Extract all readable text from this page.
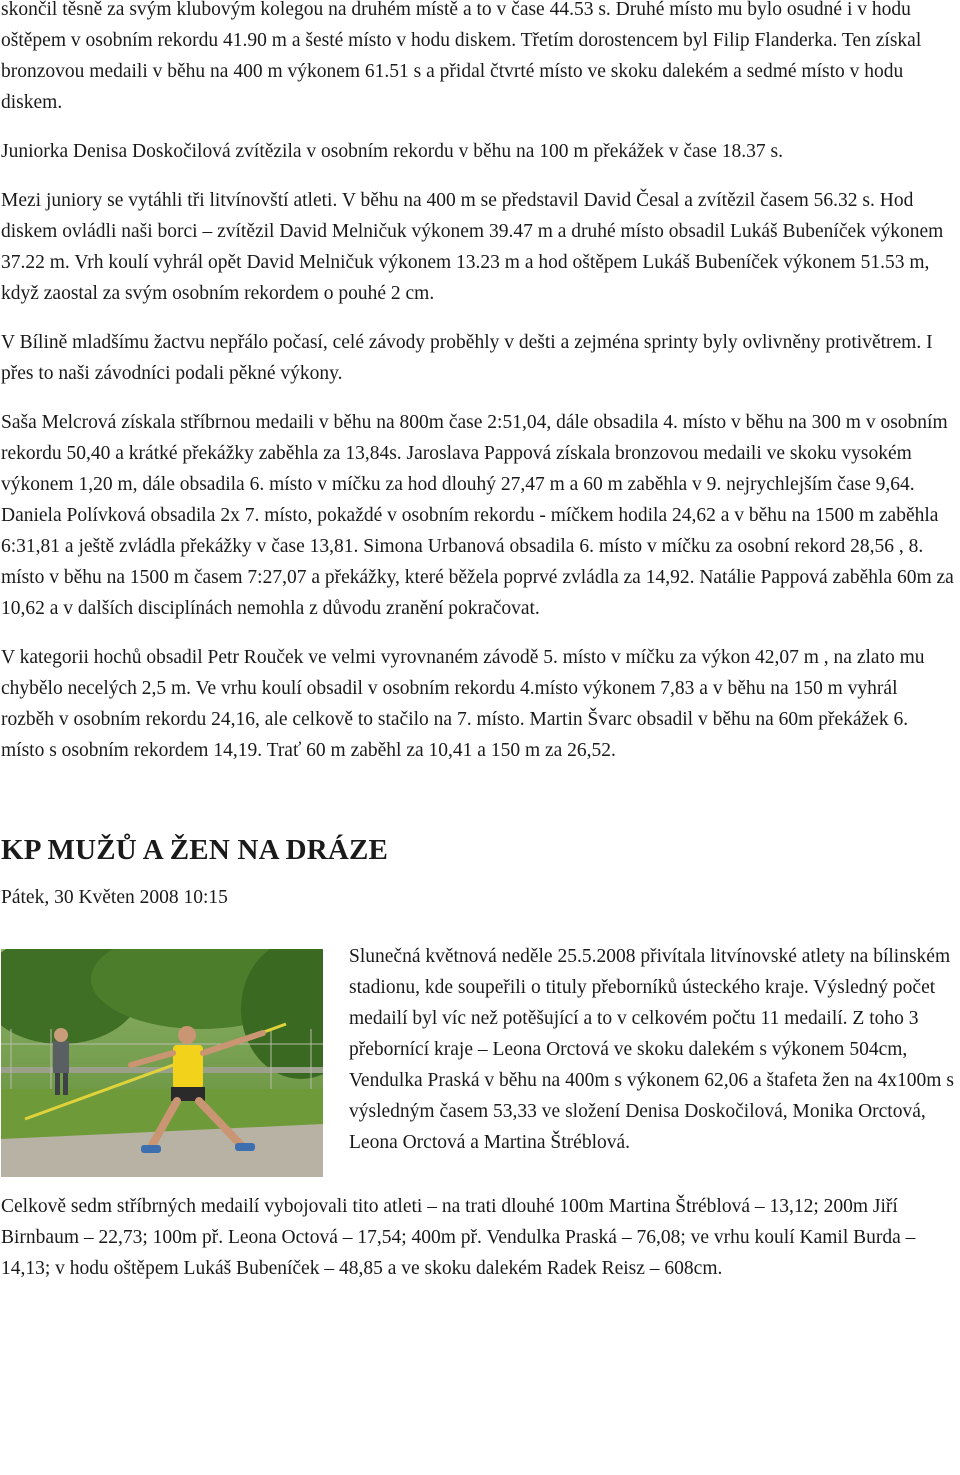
skončil těsně za svým klubovým kolegou na druhém místě a to v čase 44.53 s. Druhé místo mu bylo osudné i v hodu oštěpem v osobním rekordu 41.90 m a šesté místo v hodu diskem. Třetím dorostencem byl Filip Flanderka. Ten získal bronzovou medaili v běhu na 400 m výkonem 61.51 s a přidal čtvrté místo ve skoku dalekém a sedmé místo v hodu diskem.

Juniorka Denisa Doskočilová zvítězila v osobním rekordu v běhu na 100 m překážek v čase 18.37 s.

Mezi juniory se vytáhli tři litvínovští atleti. V běhu na 400 m se představil David Česal a zvítězil časem 56.32 s. Hod diskem ovládli naši borci – zvítězil David Melničuk výkonem 39.47 m a druhé místo obsadil Lukáš Bubeníček výkonem 37.22 m. Vrh koulí vyhrál opět David Melničuk výkonem 13.23 m a hod oštěpem Lukáš Bubeníček výkonem 51.53 m, když zaostal za svým osobním rekordem o pouhé 2 cm.

V Bílině mladšímu žactvu nepřálo počasí, celé závody proběhly v dešti a zejména sprinty byly ovlivněny protivětrem. I přes to naši závodníci podali pěkné výkony.

Saša Melcrová získala stříbrnou medaili v běhu na 800m čase 2:51,04, dále obsadila 4. místo v běhu na 300 m v osobním rekordu 50,40 a krátké překážky zaběhla za 13,84s. Jaroslava Pappová získala bronzovou medaili ve skoku vysokém výkonem 1,20 m, dále obsadila 6. místo v míčku za hod dlouhý 27,47 m a 60 m zaběhla v 9. nejrychlejším čase 9,64. Daniela Polívková obsadila 2x 7. místo, pokaždé v osobním rekordu - míčkem hodila 24,62 a v běhu na 1500 m zaběhla 6:31,81 a ještě zvládla překážky v čase 13,81. Simona Urbanová obsadila 6. místo v míčku za osobní rekord 28,56 , 8. místo v běhu na 1500 m časem 7:27,07 a překážky, které běžela poprvé zvládla za 14,92. Natálie Pappová zaběhla 60m za 10,62 a v dalších disciplínách nemohla z důvodu zranění pokračovat.

V kategorii hochů obsadil Petr Rouček ve velmi vyrovnaném závodě 5. místo v míčku za výkon 42,07 m , na zlato mu chybělo necelých 2,5 m. Ve vrhu koulí obsadil v osobním rekordu 4.místo výkonem 7,83 a v běhu na 150 m vyhrál rozběh v osobním rekordu 24,16, ale celkově to stačilo na 7. místo. Martin Švarc obsadil v běhu na 60m překážek 6. místo s osobním rekordem 14,19. Trať 60 m zaběhl za 10,41 a 150 m za 26,52.

KP MUŽŮ A ŽEN NA DRÁZE
Pátek, 30 Květen 2008 10:15

Slunečná květnová neděle 25.5.2008 přivítala litvínovské atlety na bílinském stadionu, kde soupeřili o tituly přeborníků ústeckého kraje. Výsledný počet medailí byl víc než potěšující a to v celkovém počtu 11 medailí. Z toho 3 přebornící kraje – Leona Orctová ve skoku dalekém s výkonem 504cm, Vendulka Praská v běhu na 400m s výkonem 62,06 a štafeta žen na 4x100m s výsledným časem 53,33 ve složení Denisa Doskočilová, Monika Orctová, Leona Orctová a Martina Štréblová.

Celkově sedm stříbrných medailí vybojovali tito atleti – na trati dlouhé 100m Martina Štréblová – 13,12; 200m Jiří Birnbaum – 22,73; 100m př. Leona Octová – 17,54; 400m př. Vendulka Praská – 76,08; ve vrhu koulí Kamil Burda – 14,13; v hodu oštěpem Lukáš Bubeníček – 48,85 a ve skoku dalekém Radek Reisz – 608cm.
